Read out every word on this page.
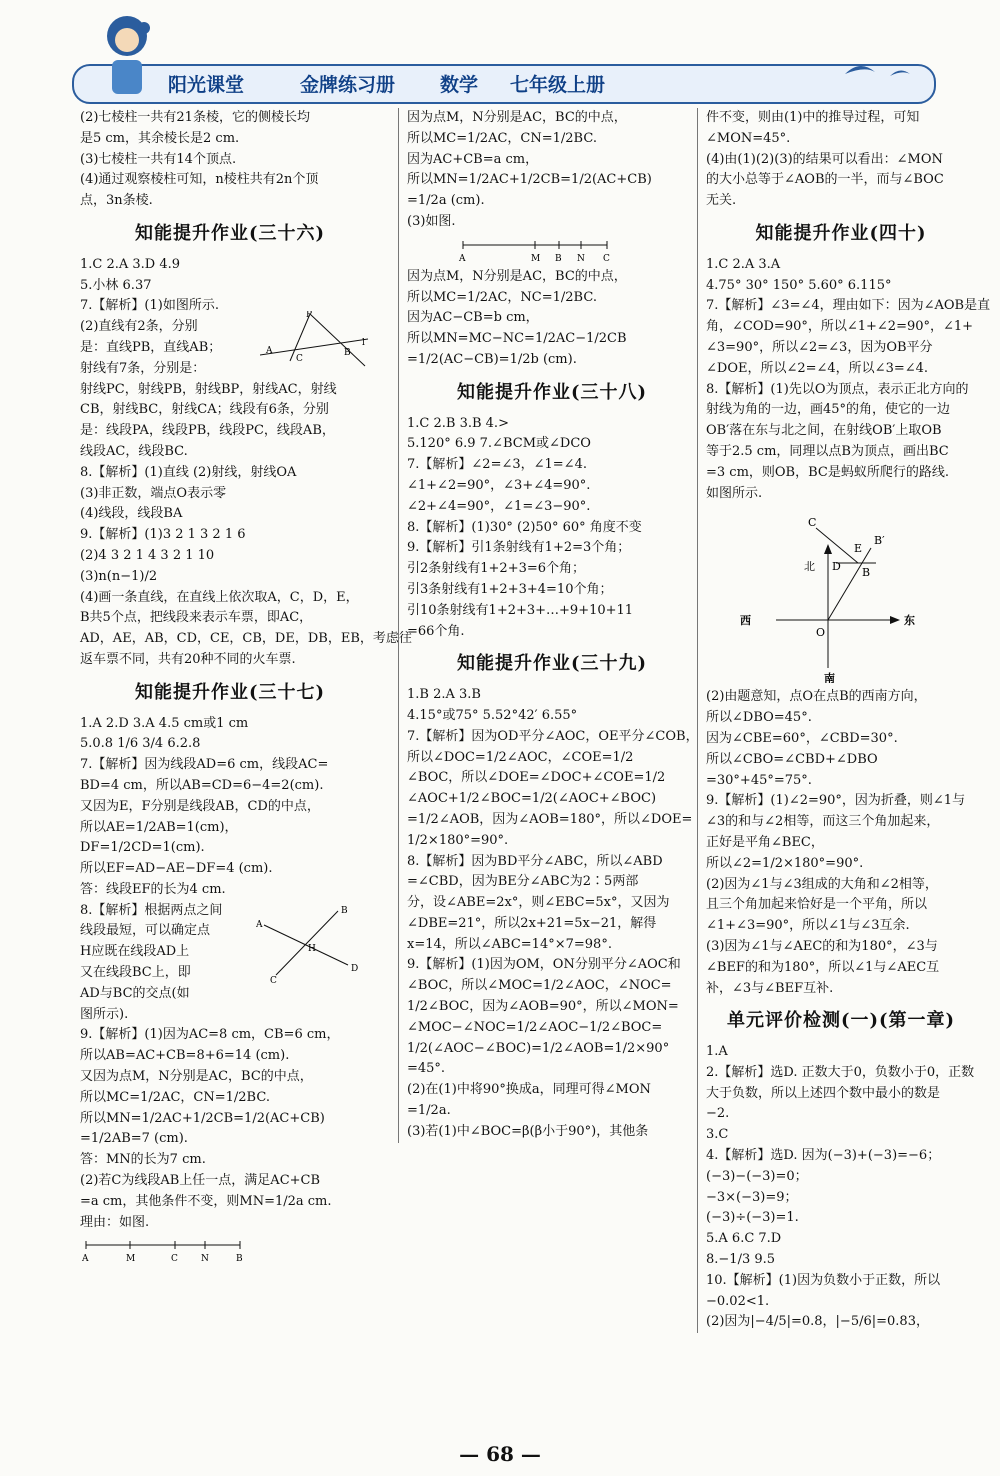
阳光课堂	金牌练习册 数学 七年级上册
(2)七棱柱一共有21条棱，它的侧棱长均
是5 cm，其余棱长是2 cm.
(3)七棱柱一共有14个顶点.
(4)通过观察棱柱可知，n棱柱共有2n个顶
点，3n条棱.
知能提升作业(三十六)
1.C 2.A 3.D 4.9
5.小林 6.37
7.【解析】(1)如图所示.
P
A
C
B
l
(2)直线有2条，分别
是：直线PB，直线AB；
射线有7条，分别是：
射线PC，射线PB，射线BP，射线AC，射线
CB，射线BC，射线CA；线段有6条，分别
是：线段PA，线段PB，线段PC，线段AB，
线段AC，线段BC.
8.【解析】(1)直线 (2)射线，射线OA
(3)非正数，端点O表示零
(4)线段，线段BA
9.【解析】(1)3 2 1 3 2 1 6
(2)4 3 2 1 4 3 2 1 10
(3)n(n−1)/2
(4)画一条直线，在直线上依次取A，C，D，E，
B共5个点，把线段来表示车票，即AC，
AD，AE，AB，CD，CE，CB，DE，DB，EB，考虑往
返车票不同，共有20种不同的火车票.
知能提升作业(三十七)
1.A 2.D 3.A 4.5 cm或1 cm
5.0.8 1/6 3/4 6.2.8
7.【解析】因为线段AD=6 cm，线段AC=
BD=4 cm，所以AB=CD=6−4=2(cm).
又因为E，F分别是线段AB，CD的中点，
所以AE=1/2AB=1(cm)，
DF=1/2CD=1(cm).
所以EF=AD−AE−DF=4 (cm).
答：线段EF的长为4 cm.
A
C
H
B
D
8.【解析】根据两点之间
线段最短，可以确定点
H应既在线段AD上
又在线段BC上，即
AD与BC的交点(如
图所示).
9.【解析】(1)因为AC=8 cm，CB=6 cm，
所以AB=AC+CB=8+6=14 (cm).
又因为点M，N分别是AC，BC的中点，
所以MC=1/2AC，CN=1/2BC.
所以MN=1/2AC+1/2CB=1/2(AC+CB)
=1/2AB=7 (cm).
答：MN的长为7 cm.
(2)若C为线段AB上任一点，满足AC+CB
=a cm，其他条件不变，则MN=1/2a cm.
理由：如图.
A	M	C	N	B
因为点M，N分别是AC，BC的中点，
所以MC=1/2AC，CN=1/2BC.
因为AC+CB=a cm，
所以MN=1/2AC+1/2CB=1/2(AC+CB)
=1/2a (cm).
(3)如图.
A	M B N C
因为点M，N分别是AC，BC的中点，
所以MC=1/2AC，NC=1/2BC.
因为AC−CB=b cm，
所以MN=MC−NC=1/2AC−1/2CB
=1/2(AC−CB)=1/2b (cm).
知能提升作业(三十八)
1.C 2.B 3.B 4.>
5.120° 6.9 7.∠BCM或∠DCO
7.【解析】∠2=∠3，∠1=∠4.
∠1+∠2=90°，∠3+∠4=90°.
∠2+∠4=90°，∠1=∠3−90°.
8.【解析】(1)30° (2)50° 60° 角度不变
9.【解析】引1条射线有1+2=3个角；
引2条射线有1+2+3=6个角；
引3条射线有1+2+3+4=10个角；
引10条射线有1+2+3+…+9+10+11
=66个角.
知能提升作业(三十九)
1.B 2.A 3.B
4.15°或75° 5.52°42′ 6.55°
7.【解析】因为OD平分∠AOC，OE平分∠COB，
所以∠DOC=1/2∠AOC，∠COE=1/2
∠BOC，所以∠DOE=∠DOC+∠COE=1/2
∠AOC+1/2∠BOC=1/2(∠AOC+∠BOC)
=1/2∠AOB，因为∠AOB=180°，所以∠DOE=
1/2×180°=90°.
8.【解析】因为BD平分∠ABC，所以∠ABD
=∠CBD，因为BE分∠ABC为2∶5两部
分，设∠ABE=2x°，则∠EBC=5x°，又因为
∠DBE=21°，所以2x+21=5x−21，解得
x=14，所以∠ABC=14°×7=98°.
9.【解析】(1)因为OM，ON分别平分∠AOC和
∠BOC，所以∠MOC=1/2∠AOC，∠NOC=
1/2∠BOC，因为∠AOB=90°，所以∠MON=
∠MOC−∠NOC=1/2∠AOC−1/2∠BOC=
1/2(∠AOC−∠BOC)=1/2∠AOB=1/2×90°
=45°.
(2)在(1)中将90°换成a，同理可得∠MON
=1/2a.
(3)若(1)中∠BOC=β(β小于90°)，其他条
件不变，则由(1)中的推导过程，可知
∠MON=45°.
(4)由(1)(2)(3)的结果可以看出：∠MON
的大小总等于∠AOB的一半，而与∠BOC
无关.
知能提升作业(四十)
1.C 2.A 3.A
4.75° 30° 150° 5.60° 6.115°
7.【解析】∠3=∠4，理由如下：因为∠AOB是直
角，∠COD=90°，所以∠1+∠2=90°，∠1+
∠3=90°，所以∠2=∠3，因为OB平分
∠DOE，所以∠2=∠4，所以∠3=∠4.
8.【解析】(1)先以O为顶点，表示正北方向的
射线为角的一边，画45°的角，使它的一边
OB′落在东与北之间，在射线OB′上取OB
等于2.5 cm，同理以点B为顶点，画出BC
=3 cm，则OB，BC是蚂蚁所爬行的路线.
如图所示.
北
南
西	东
O
C
E
B′
D B
(2)由题意知，点O在点B的西南方向，
所以∠DBO=45°.
因为∠CBE=60°，∠CBD=30°.
所以∠CBO=∠CBD+∠DBO
=30°+45°=75°.
9.【解析】(1)∠2=90°，因为折叠，则∠1与
∠3的和与∠2相等，而这三个角加起来，
正好是平角∠BEC，
所以∠2=1/2×180°=90°.
(2)因为∠1与∠3组成的大角和∠2相等，
且三个角加起来恰好是一个平角，所以
∠1+∠3=90°，所以∠1与∠3互余.
(3)因为∠1与∠AEC的和为180°，∠3与
∠BEF的和为180°，所以∠1与∠AEC互
补，∠3与∠BEF互补.
单元评价检测(一)(第一章)
1.A
2.【解析】选D. 正数大于0，负数小于0，正数
大于负数，所以上述四个数中最小的数是
−2.
3.C
4.【解析】选D. 因为(−3)+(−3)=−6；
(−3)−(−3)=0；
−3×(−3)=9；
(−3)÷(−3)=1.
5.A 6.C 7.D
8.−1/3 9.5
10.【解析】(1)因为负数小于正数，所以
−0.02<1.
(2)因为|−4/5|=0.8，|−5/6|=0.83，
— 68 —
